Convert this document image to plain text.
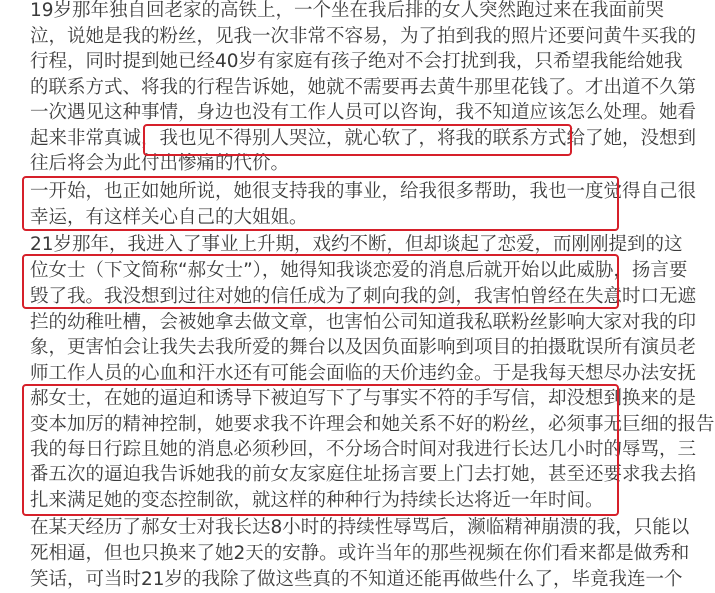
19岁那年独自回老家的高铁上，一个坐在我后排的女人突然跑过来在我面前哭
泣，说她是我的粉丝，见我一次非常不容易，为了拍到我的照片还要问黄牛买我的
行程，同时提到她已经40岁有家庭有孩子绝对不会打扰到我，只希望我能给她我
的联系方式、将我的行程告诉她，她就不需要再去黄牛那里花钱了。才出道不久第
一次遇见这种事情，身边也没有工作人员可以咨询，我不知道应该怎么处理。她看
起来非常真诚，我也见不得别人哭泣，就心软了，将我的联系方式给了她，没想到
往后将会为此付出惨痛的代价。
一开始，也正如她所说，她很支持我的事业，给我很多帮助，我也一度觉得自己很
幸运，有这样关心自己的大姐姐。
21岁那年，我进入了事业上升期，戏约不断，但却谈起了恋爱，而刚刚提到的这
位女士（下文简称“郝女士”），她得知我谈恋爱的消息后就开始以此威胁，扬言要
毁了我。我没想到过往对她的信任成为了刺向我的剑，我害怕曾经在失意时口无遮
拦的幼稚吐槽，会被她拿去做文章，也害怕公司知道我私联粉丝影响大家对我的印
象，更害怕会让我失去我所爱的舞台以及因负面影响到项目的拍摄耽误所有演员老
师工作人员的心血和汗水还有可能会面临的天价违约金。于是我每天想尽办法安抚
郝女士，在她的逼迫和诱导下被迫写下了与事实不符的手写信，却没想到换来的是
变本加厉的精神控制，她要求我不许理会和她关系不好的粉丝，必须事无巨细的报告
我的每日行踪且她的消息必须秒回，不分场合时间对我进行长达几小时的辱骂，三
番五次的逼迫我告诉她我的前女友家庭住址扬言要上门去打她，甚至还要求我去掐
扎来满足她的变态控制欲，就这样的种种行为持续长达将近一年时间。
在某天经历了郝女士对我长达8小时的持续性辱骂后，濒临精神崩溃的我，只能以
死相逼，但也只换来了她2天的安静。或许当年的那些视频在你们看来都是做秀和
笑话，可当时21岁的我除了做这些真的不知道还能再做些什么了，毕竟我连一个
